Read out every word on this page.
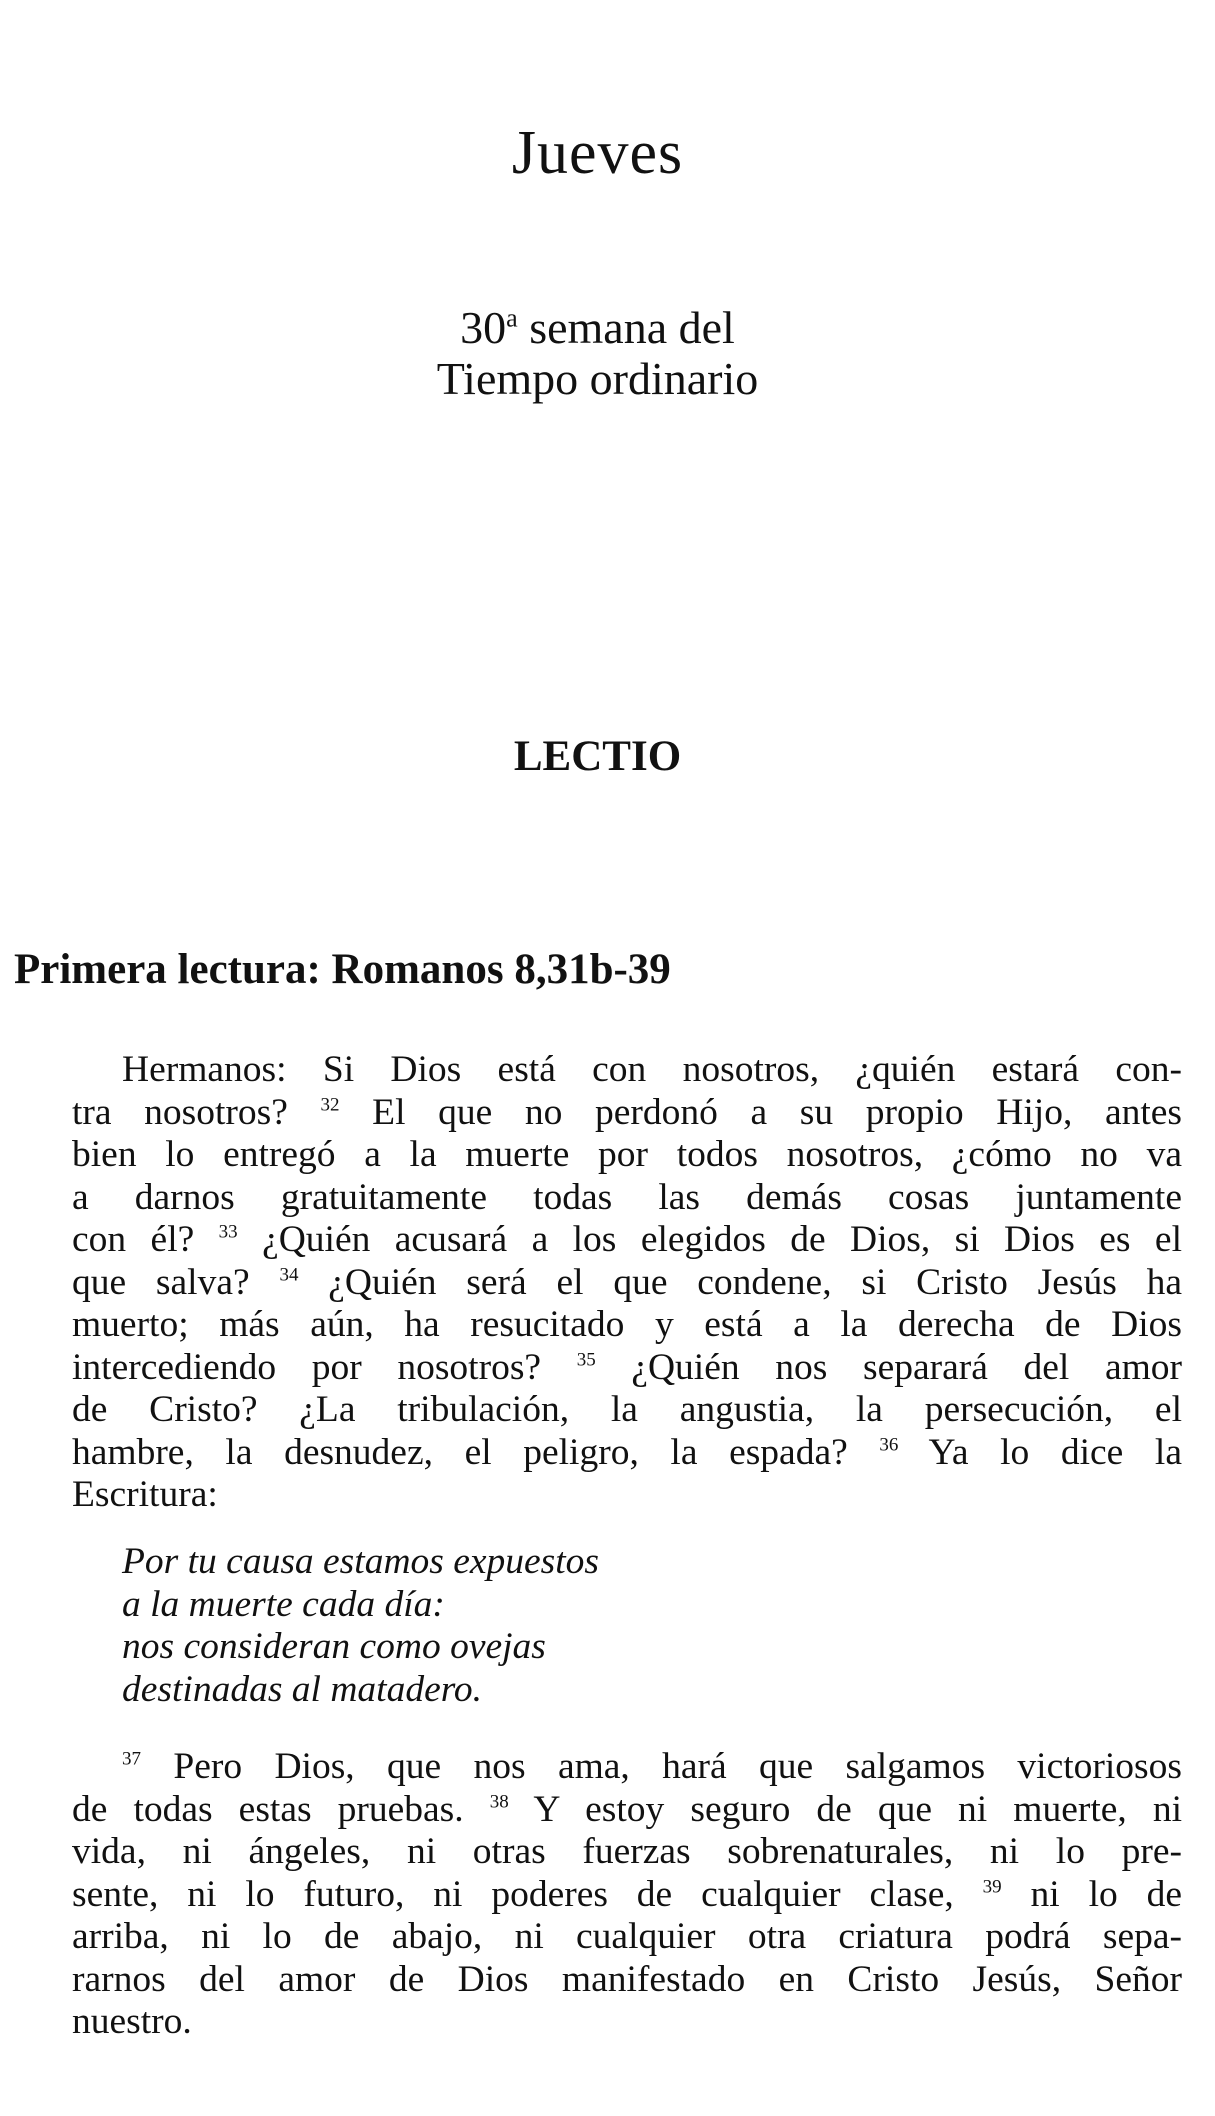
Jueves
30$^a$ semana del
Tiempo ordinario
LECTIO
Primera lectura: Romanos 8,31b-39
Hermanos: Si Dios está con nosotros, ¿quién estará con-
tra nosotros? $^{32}$ El que no perdonó a su propio Hijo, antes
bien lo entregó a la muerte por todos nosotros, ¿cómo no va
a darnos gratuitamente todas las demás cosas juntamente
con él? $^{33}$ ¿Quién acusará a los elegidos de Dios, si Dios es el
que salva? $^{34}$ ¿Quién será el que condene, si Cristo Jesús ha
muerto; más aún, ha resucitado y está a la derecha de Dios
intercediendo por nosotros? $^{35}$ ¿Quién nos separará del amor
de Cristo? ¿La tribulación, la angustia, la persecución, el
hambre, la desnudez, el peligro, la espada? $^{36}$ Ya lo dice la
Escritura:
Por tu causa estamos expuestos
a la muerte cada día:
nos consideran como ovejas
destinadas al matadero.
$^{37}$ Pero Dios, que nos ama, hará que salgamos victoriosos
de todas estas pruebas. $^{38}$ Y estoy seguro de que ni muerte, ni
vida, ni ángeles, ni otras fuerzas sobrenaturales, ni lo pre-
sente, ni lo futuro, ni poderes de cualquier clase, $^{39}$ ni lo de
arriba, ni lo de abajo, ni cualquier otra criatura podrá sepa-
rarnos del amor de Dios manifestado en Cristo Jesús, Señor
nuestro.
